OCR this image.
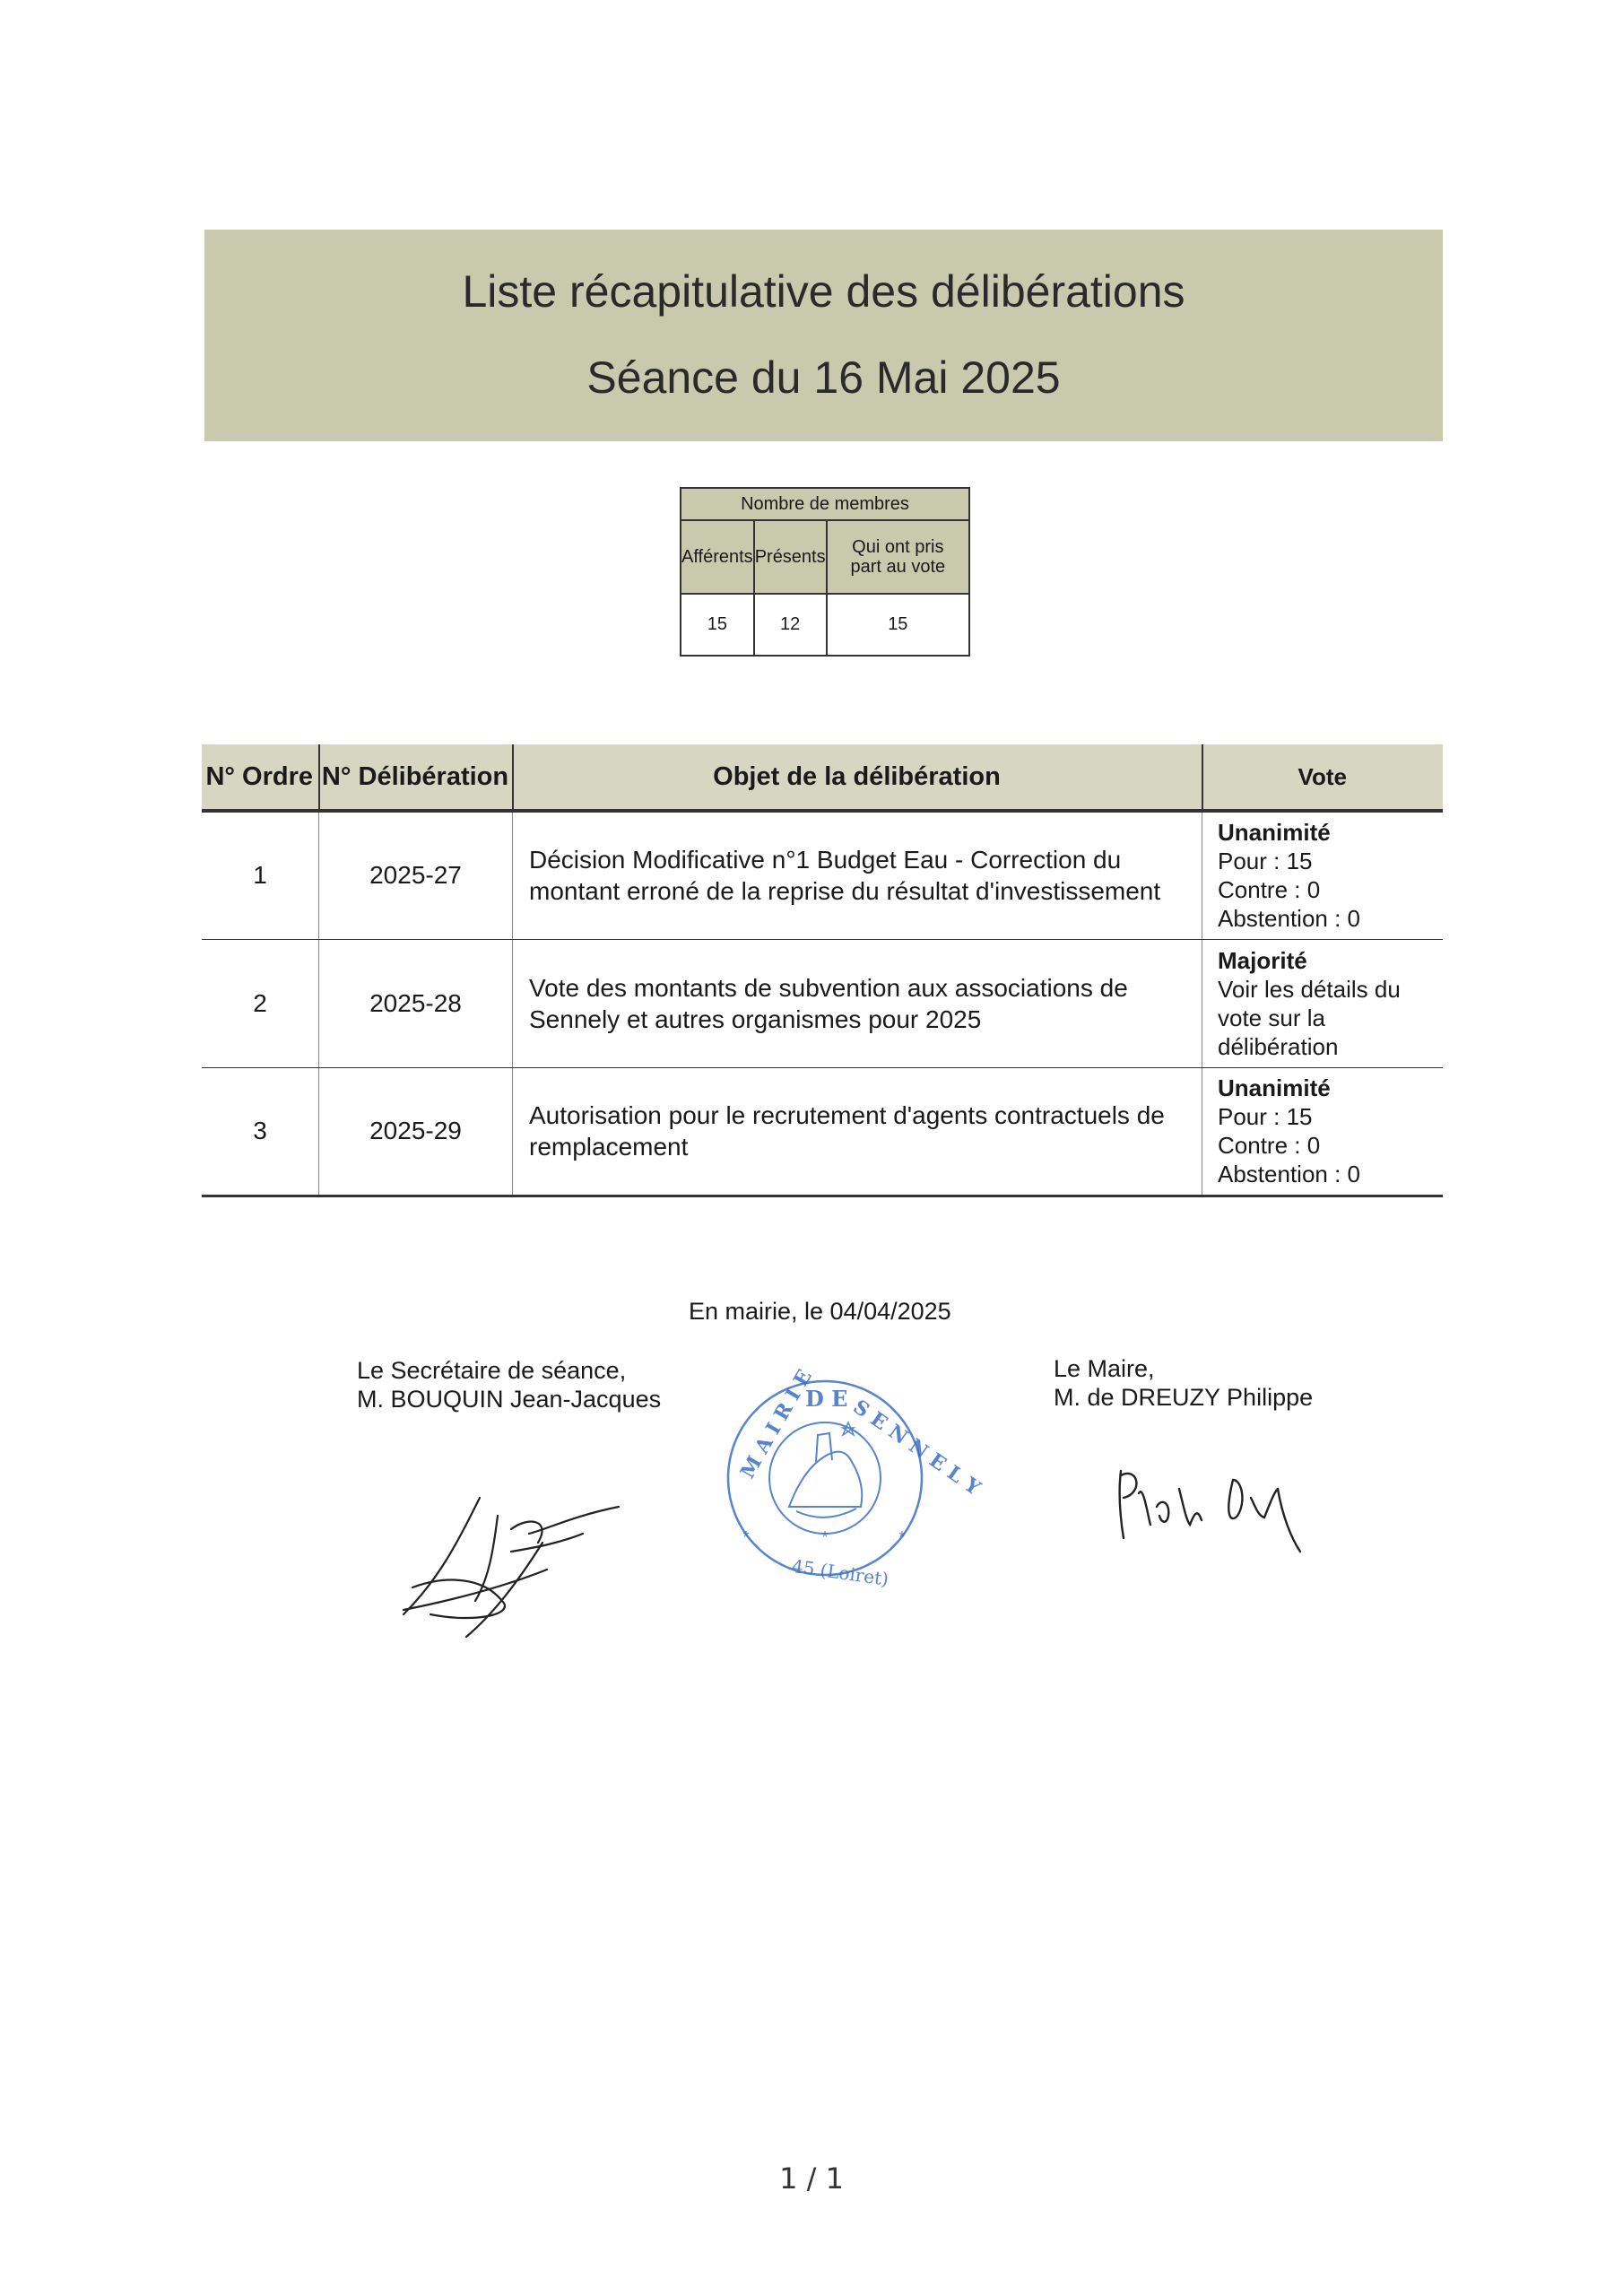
Liste récapitulative des délibérations
Séance du 16 Mai 2025
Nombre de membres		
Afférents	Présents	Qui ont pris part au vote
15	12	15
N° Ordre	N° Délibération	Objet de la délibération	Vote
1	2025-27	Décision Modificative n°1 Budget Eau - Correction du montant erroné de la reprise du résultat d'investissement	Unanimité
Pour : 15
Contre : 0
Abstention : 0

2	2025-28	Vote des montants de subvention aux associations de Sennely et autres organismes pour 2025	Majorité
Voir les détails du vote sur la délibération

3	2025-29	Autorisation pour le recrutement d'agents contractuels de remplacement	Unanimité
Pour : 15
Contre : 0
Abstention : 0
En mairie, le 04/04/2025
Le Secrétaire de séance,
M. BOUQUIN Jean-Jacques
Le Maire,
M. de DREUZY Philippe
M A I R I E
D E S E N N E L Y
45 (Loiret)
*	*
*
1 / 1
